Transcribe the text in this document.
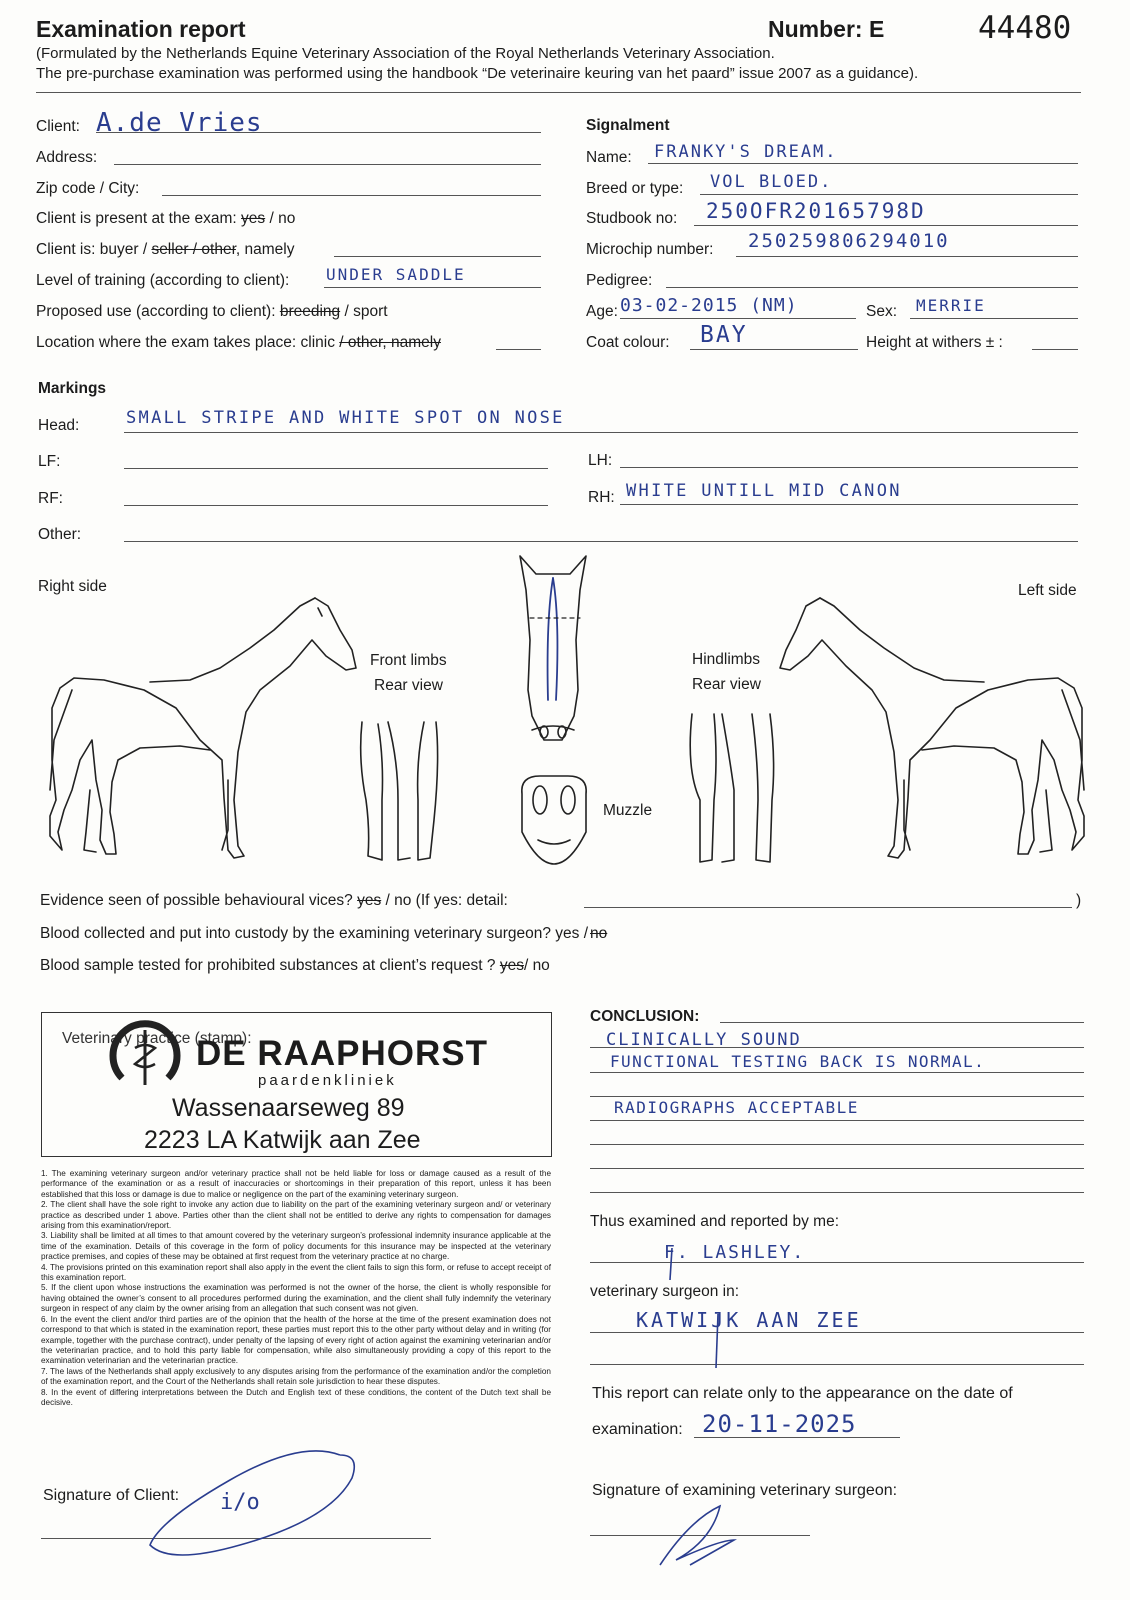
Examination report	Number: E	44480
(Formulated by the Netherlands Equine Veterinary Association of the Royal Netherlands Veterinary Association.
The pre-purchase examination was performed using the handbook “De veterinaire keuring van het paard” issue 2007 as a guidance).
Client: A.de Vries
Address:
Zip code / City:
Client is present at the exam: yes / no
Client is: buyer / seller / other, namely
Level of training (according to client): UNDER SADDLE
Proposed use (according to client): breeding / sport
Location where the exam takes place: clinic / other, namely
Signalment
Name: FRANKY'S DREAM.
Breed or type: VOL BLOED.
Studbook no: 250OFR20165798D
Microchip number: 250259806294010
Pedigree:
Age: 03-02-2015 (NM)	Sex: MERRIE
Coat colour: BAY	Height at withers ± :
Markings
Head:	SMALL STRIPE AND WHITE SPOT ON NOSE
LF:	LH:
RF:	RH: WHITE UNTILL MID CANON
Other:
Right side	Left side
Front limbs
Rear view
Hindlimbs
Rear view
Muzzle
Evidence seen of possible behavioural vices? yes / no (If yes: detail:	)
Blood collected and put into custody by the examining veterinary surgeon? yes / no
Blood sample tested for prohibited substances at client’s request ? yes/ no
Veterinary practice (stamp):
DE RAAPHORST
paardenkliniek
Wassenaarseweg 89
2223 LA Katwijk aan Zee

1. The examining veterinary surgeon and/or veterinary practice shall not be held liable for loss or damage caused as a result of the performance of the examination or as a result of inaccuracies or shortcomings in their preparation of this report, unless it has been established that this loss or damage is due to malice or negligence on the part of the examining veterinary surgeon.

2. The client shall have the sole right to invoke any action due to liability on the part of the examining veterinary surgeon and/ or veterinary practice as described under 1 above. Parties other than the client shall not be entitled to derive any rights to compensation for damages arising from this examination/report.

3. Liability shall be limited at all times to that amount covered by the veterinary surgeon’s professional indemnity insurance applicable at the time of the examination. Details of this coverage in the form of policy documents for this insurance may be inspected at the veterinary practice premises, and copies of these may be obtained at first request from the veterinary practice at no charge.

4. The provisions printed on this examination report shall also apply in the event the client fails to sign this form, or refuse to accept receipt of this examination report.

5. If the client upon whose instructions the examination was performed is not the owner of the horse, the client is wholly responsible for having obtained the owner’s consent to all procedures performed during the examination, and the client shall fully indemnify the veterinary surgeon in respect of any claim by the owner arising from an allegation that such consent was not given.

6. In the event the client and/or third parties are of the opinion that the health of the horse at the time of the present examination does not correspond to that which is stated in the examination report, these parties must report this to the other party without delay and in writing (for example, together with the purchase contract), under penalty of the lapsing of every right of action against the examining veterinarian and/or the veterinarian practice, and to hold this party liable for compensation, while also simultaneously providing a copy of this report to the examination veterinarian and the veterinarian practice.

7. The laws of the Netherlands shall apply exclusively to any disputes arising from the performance of the examination and/or the completion of the examination report, and the Court of the Netherlands shall retain sole jurisdiction to hear these disputes.

8. In the event of differing interpretations between the Dutch and English text of these conditions, the content of the Dutch text shall be decisive.

CONCLUSION:
CLINICALLY SOUND
FUNCTIONAL TESTING BACK IS NORMAL.
RADIOGRAPHS ACCEPTABLE
Thus examined and reported by me:
F. LASHLEY.
veterinary surgeon in:
KATWIJK AAN ZEE
This report can relate only to the appearance on the date of
examination: 20-11-2025
Signature of examining veterinary surgeon:
Signature of Client: i/o
